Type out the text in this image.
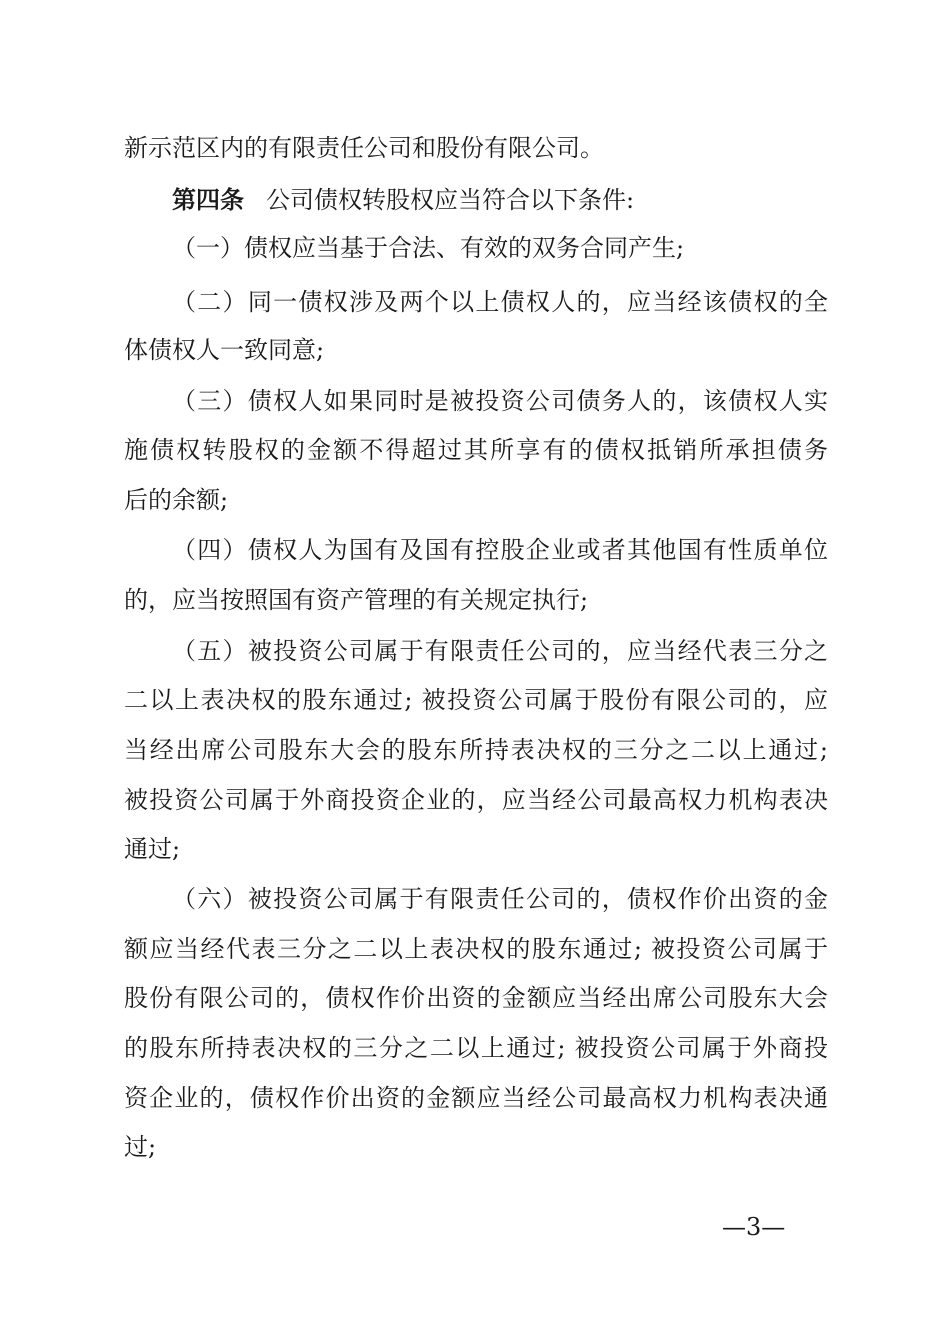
新示范区内的有限责任公司和股份有限公司。
第四条 公司债权转股权应当符合以下条件:
（一）债权应当基于合法、有效的双务合同产生;
（二）同一债权涉及两个以上债权人的，应当经该债权的全
体债权人一致同意;
（三）债权人如果同时是被投资公司债务人的，该债权人实
施债权转股权的金额不得超过其所享有的债权抵销所承担债务
后的余额;
（四）债权人为国有及国有控股企业或者其他国有性质单位
的，应当按照国有资产管理的有关规定执行;
（五）被投资公司属于有限责任公司的，应当经代表三分之
二以上表决权的股东通过; 被投资公司属于股份有限公司的，应
当经出席公司股东大会的股东所持表决权的三分之二以上通过;
被投资公司属于外商投资企业的，应当经公司最高权力机构表决
通过;
（六）被投资公司属于有限责任公司的，债权作价出资的金
额应当经代表三分之二以上表决权的股东通过; 被投资公司属于
股份有限公司的，债权作价出资的金额应当经出席公司股东大会
的股东所持表决权的三分之二以上通过; 被投资公司属于外商投
资企业的，债权作价出资的金额应当经公司最高权力机构表决通
过;
—3—
